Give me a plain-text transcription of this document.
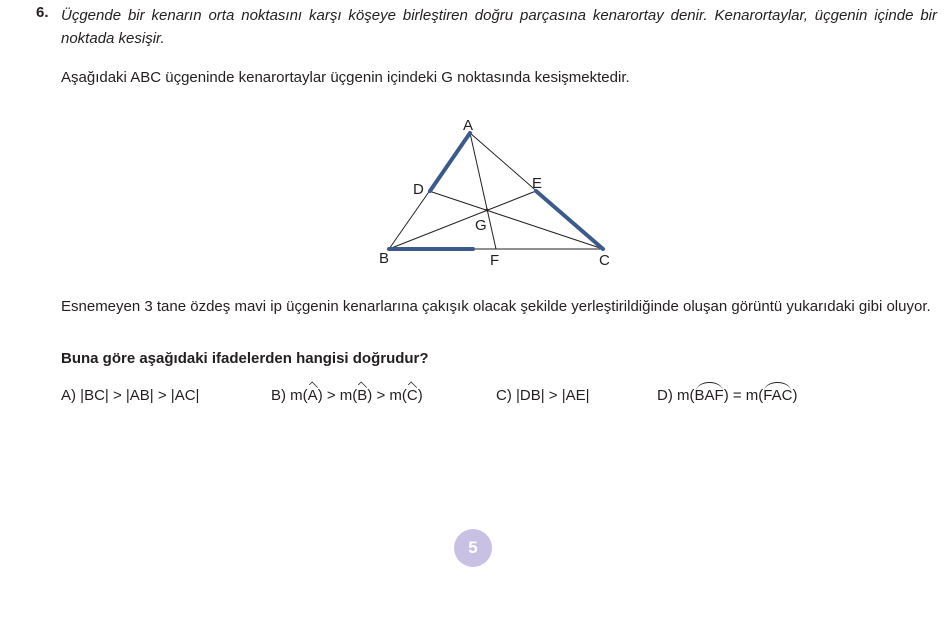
6. Üçgende bir kenarın orta noktasını karşı köşeye birleştiren doğru parçasına kenarortay denir. Kenarortaylar, üçgenin içinde bir noktada kesişir.
Aşağıdaki ABC üçgeninde kenarortaylar üçgenin içindeki G noktasında kesişmektedir.
A
B	C
D	E
F
G
Esnemeyen 3 tane özdeş mavi ip üçgenin kenarlarına çakışık olacak şekilde yerleştirildiğinde oluşan görüntü yukarıdaki gibi oluyor.
Buna göre aşağıdaki ifadelerden hangisi doğrudur?
A) |BC| > |AB| > |AC|	B) m(A) > m(B) > m(C)	C) |DB| > |AE|	D) m(BAF) = m(FAC)
5
